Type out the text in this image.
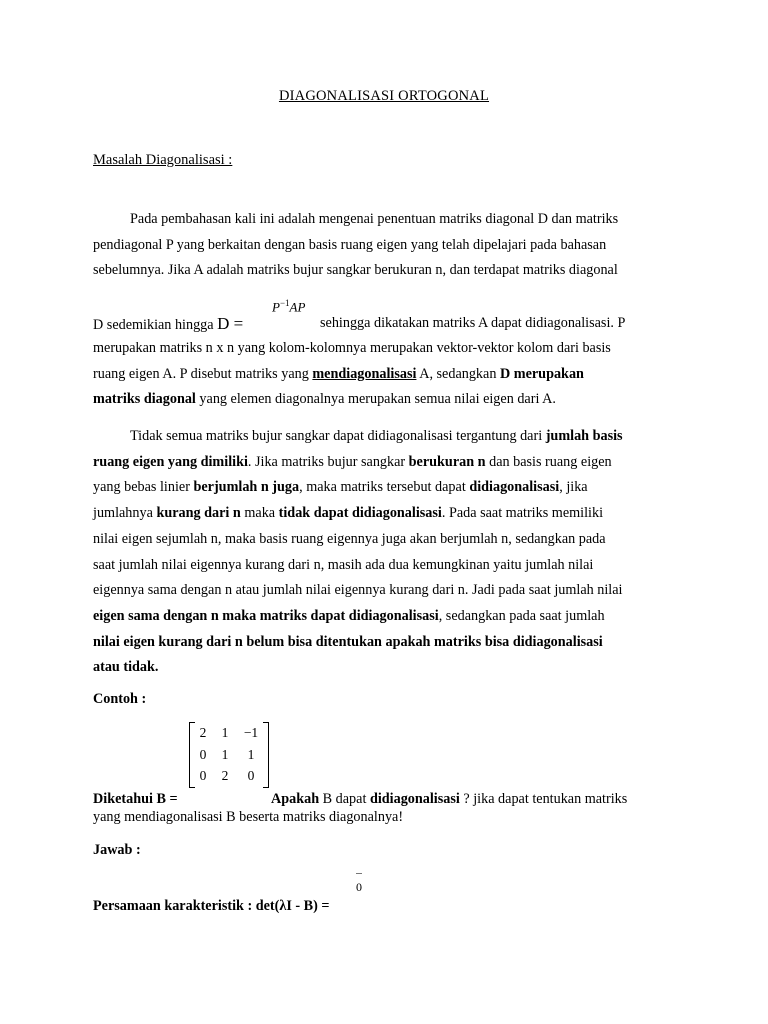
DIAGONALISASI ORTOGONAL
Masalah Diagonalisasi :
Pada pembahasan kali ini adalah mengenai penentuan matriks diagonal D dan matriks
pendiagonal P yang berkaitan dengan basis ruang eigen yang telah dipelajari pada bahasan
sebelumnya. Jika A adalah matriks bujur sangkar berukuran n, dan terdapat matriks diagonal
$P^{-1}AP$
D sedemikian hingga D =	sehingga dikatakan matriks A dapat didiagonalisasi. P
merupakan matriks n x n yang kolom-kolomnya merupakan vektor-vektor kolom dari basis
ruang eigen A. P disebut matriks yang mendiagonalisasi A, sedangkan D merupakan
matriks diagonal yang elemen diagonalnya merupakan semua nilai eigen dari A.
Tidak semua matriks bujur sangkar dapat didiagonalisasi tergantung dari jumlah basis
ruang eigen yang dimiliki. Jika matriks bujur sangkar berukuran n dan basis ruang eigen
yang bebas linier berjumlah n juga, maka matriks tersebut dapat didiagonalisasi, jika
jumlahnya kurang dari n maka tidak dapat didiagonalisasi. Pada saat matriks memiliki
nilai eigen sejumlah n, maka basis ruang eigennya juga akan berjumlah n, sedangkan pada
saat jumlah nilai eigennya kurang dari n, masih ada dua kemungkinan yaitu jumlah nilai
eigennya sama dengan n atau jumlah nilai eigennya kurang dari n. Jadi pada saat jumlah nilai
eigen sama dengan n maka matriks dapat didiagonalisasi, sedangkan pada saat jumlah
nilai eigen kurang dari n belum bisa ditentukan apakah matriks bisa didiagonalisasi
atau tidak.
Contoh :
2	1	−1
0	1	1
0	2	0
Diketahui B =	Apakah B dapat didiagonalisasi ? jika dapat tentukan matriks
yang mendiagonalisasi B beserta matriks diagonalnya!
Jawab :
0
Persamaan karakteristik : det(λI - B) =
